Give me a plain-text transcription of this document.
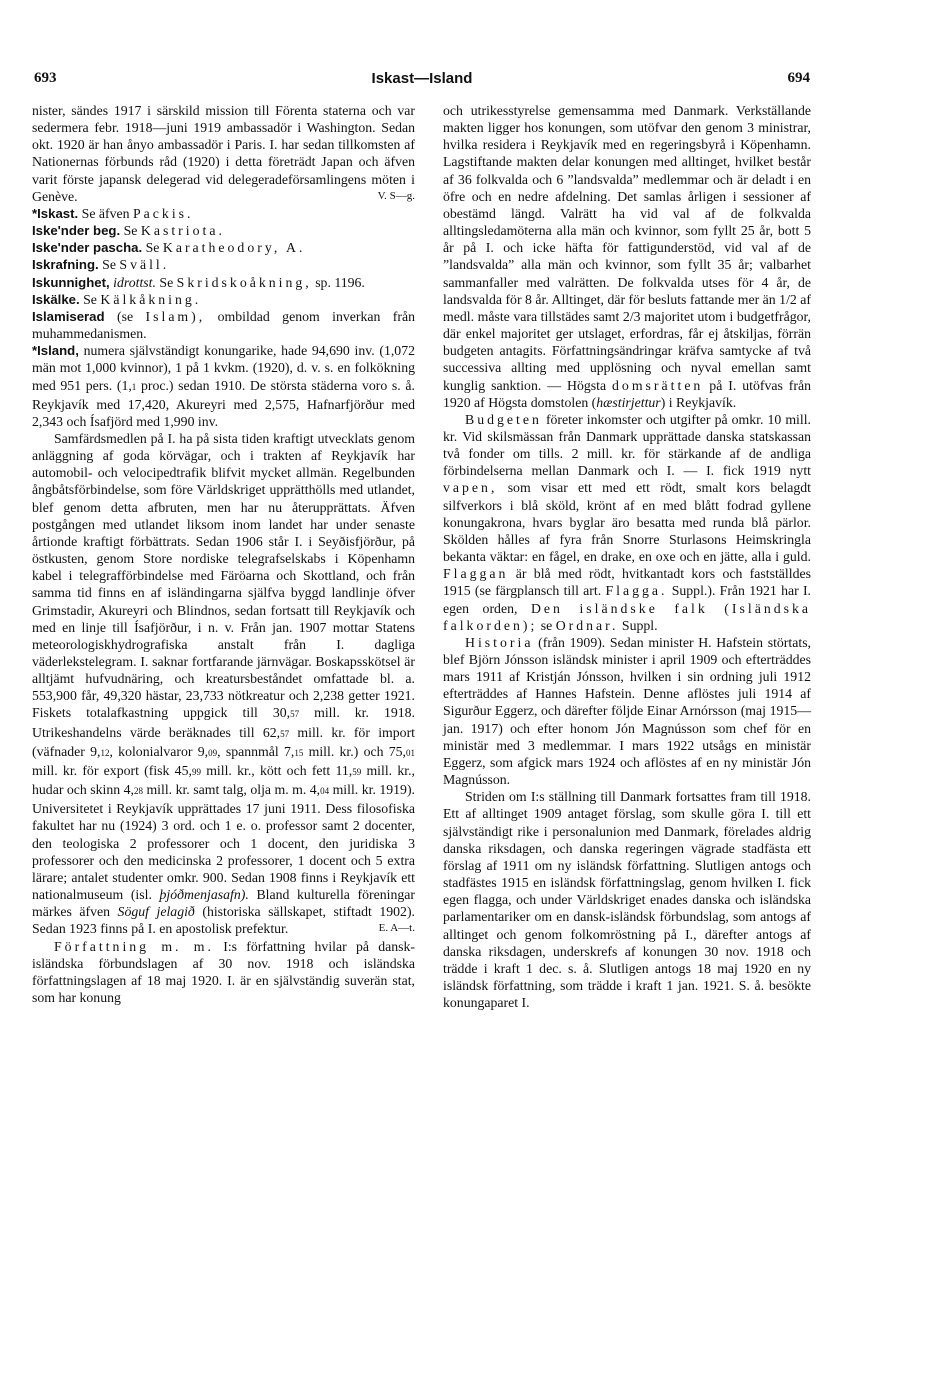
693	Iskast—Island	694

nister, sändes 1917 i särskild mission till Förenta staterna och var sedermera febr. 1918—juni 1919 ambassadör i Washington. Sedan okt. 1920 är han ånyo ambassadör i Paris. I. har sedan tillkomsten af Nationernas förbunds råd (1920) i detta företrädt Japan och äfven varit förste japansk delegerad vid delegeradeförsamlingens möten i Genève.	V. S—g.

*Iskast. Se äfven Packis.

Iske'nder beg. Se Kastriota.

Iske'nder pascha. Se Karatheodory, A.

Iskrafning. Se Sväll.

Iskunnighet, idrottst. Se Skridskoåkning, sp. 1196.

Iskälke. Se Kälkåkning.

Islamiserad (se Islam), ombildad genom inverkan från muhammedanismen.

*Island, numera självständigt konungarike, hade 94,690 inv. (1,072 män mot 1,000 kvinnor), 1 på 1 kvkm. (1920), d. v. s. en folkökning med 951 pers. (1,1 proc.) sedan 1910. De största städerna voro s. å. Reykjavík med 17,420, Akureyri med 2,575, Hafnarfjörður med 2,343 och Ísafjörd med 1,990 inv.

Samfärdsmedlen på I. ha på sista tiden kraftigt utvecklats genom anläggning af goda körvägar, och i trakten af Reykjavík har automobil- och velocipedtrafik blifvit mycket allmän. Regelbunden ångbåtsförbindelse, som före Världskriget upprätthölls med utlandet, blef genom detta afbruten, men har nu återupprättats. Äfven postgången med utlandet liksom inom landet har under senaste årtionde kraftigt förbättrats. Sedan 1906 står I. i Seyðisfjörður, på östkusten, genom Store nordiske telegrafselskabs i Köpenhamn kabel i telegrafförbindelse med Färöarna och Skottland, och från samma tid finns en af isländingarna själfva byggd landlinje öfver Grimstadir, Akureyri och Blindnos, sedan fortsatt till Reykjavík och med en linje till Ísafjörður, i n. v. Från jan. 1907 mottar Statens meteorologiskhydrografiska anstalt från I. dagliga väderlekstelegram. I. saknar fortfarande järnvägar. Boskapsskötsel är alltjämt hufvudnäring, och kreatursbeståndet omfattade bl. a. 553,900 får, 49,320 hästar, 23,733 nötkreatur och 2,238 getter 1921. Fiskets totalafkastning uppgick till 30,57 mill. kr. 1918. Utrikeshandelns värde beräknades till 62,57 mill. kr. för import (väfnader 9,12, kolonialvaror 9,09, spannmål 7,15 mill. kr.) och 75,01 mill. kr. för export (fisk 45,99 mill. kr., kött och fett 11,59 mill. kr., hudar och skinn 4,28 mill. kr. samt talg, olja m. m. 4,04 mill. kr. 1919). Universitetet i Reykjavík upprättades 17 juni 1911. Dess filosofiska fakultet har nu (1924) 3 ord. och 1 e. o. professor samt 2 docenter, den teologiska 2 professorer och 1 docent, den juridiska 3 professorer och den medicinska 2 professorer, 1 docent och 5 extra lärare; antalet studenter omkr. 900. Sedan 1908 finns i Reykjavík ett nationalmuseum (isl. þjóðmenjasafn). Bland kulturella föreningar märkes äfven Söguf jelagið (historiska sällskapet, stiftadt 1902). Sedan 1923 finns på I. en apostolisk prefektur.	E. A—t.

Författning m. m. I:s författning hvilar på dansk-isländska förbundslagen af 30 nov. 1918 och isländska författningslagen af 18 maj 1920. I. är en självständig suverän stat, som har konung

och utrikesstyrelse gemensamma med Danmark. Verkställande makten ligger hos konungen, som utöfvar den genom 3 ministrar, hvilka residera i Reykjavík med en regeringsbyrå i Köpenhamn. Lagstiftande makten delar konungen med alltinget, hvilket består af 36 folkvalda och 6 ”landsvalda” medlemmar och är deladt i en öfre och en nedre afdelning. Det samlas årligen i sessioner af obestämd längd. Valrätt ha vid val af de folkvalda alltingsledamöterna alla män och kvinnor, som fyllt 25 år, bott 5 år på I. och icke häfta för fattigunderstöd, vid val af de ”landsvalda” alla män och kvinnor, som fyllt 35 år; valbarhet sammanfaller med valrätten. De folkvalda utses för 4 år, de landsvalda för 8 år. Alltinget, där för besluts fattande mer än 1/2 af medl. måste vara tillstädes samt 2/3 majoritet utom i budgetfrågor, där enkel majoritet ger utslaget, erfordras, får ej åtskiljas, förrän budgeten antagits. Författningsändringar kräfva samtycke af två successiva allting med upplösning och nyval emellan samt kunglig sanktion. — Högsta domsrätten på I. utöfvas från 1920 af Högsta domstolen (hæstirjettur) i Reykjavík.

Budgeten företer inkomster och utgifter på omkr. 10 mill. kr. Vid skilsmässan från Danmark upprättade danska statskassan två fonder om tills. 2 mill. kr. för stärkande af de andliga förbindelserna mellan Danmark och I. — I. fick 1919 nytt vapen, som visar ett med ett rödt, smalt kors belagdt silfverkors i blå sköld, krönt af en med blått fodrad gyllene konungakrona, hvars byglar äro besatta med runda blå pärlor. Skölden hålles af fyra från Snorre Sturlasons Heimskringla bekanta väktar: en fågel, en drake, en oxe och en jätte, alla i guld. Flaggan är blå med rödt, hvitkantadt kors och fastställdes 1915 (se färgplansch till art. Flagga. Suppl.). Från 1921 har I. egen orden, Den isländske falk (Isländska falkorden); se Ordnar. Suppl.

Historia (från 1909). Sedan minister H. Hafstein störtats, blef Björn Jónsson isländsk minister i april 1909 och efterträddes mars 1911 af Kristján Jónsson, hvilken i sin ordning juli 1912 efterträddes af Hannes Hafstein. Denne aflöstes juli 1914 af Sigurður Eggerz, och därefter följde Einar Arnórsson (maj 1915—jan. 1917) och efter honom Jón Magnússon som chef för en ministär med 3 medlemmar. I mars 1922 utsågs en ministär Eggerz, som afgick mars 1924 och aflöstes af en ny ministär Jón Magnússon.

Striden om I:s ställning till Danmark fortsattes fram till 1918. Ett af alltinget 1909 antaget förslag, som skulle göra I. till ett självständigt rike i personalunion med Danmark, förelades aldrig danska riksdagen, och danska regeringen vägrade stadfästa ett förslag af 1911 om ny isländsk författning. Slutligen antogs och stadfästes 1915 en isländsk författningslag, genom hvilken I. fick egen flagga, och under Världskriget enades danska och isländska parlamentariker om en dansk-isländsk förbundslag, som antogs af alltinget och genom folkomröstning på I., därefter antogs af danska riksdagen, underskrefs af konungen 30 nov. 1918 och trädde i kraft 1 dec. s. å. Slutligen antogs 18 maj 1920 en ny isländsk författning, som trädde i kraft 1 jan. 1921. S. å. besökte konungaparet I.
